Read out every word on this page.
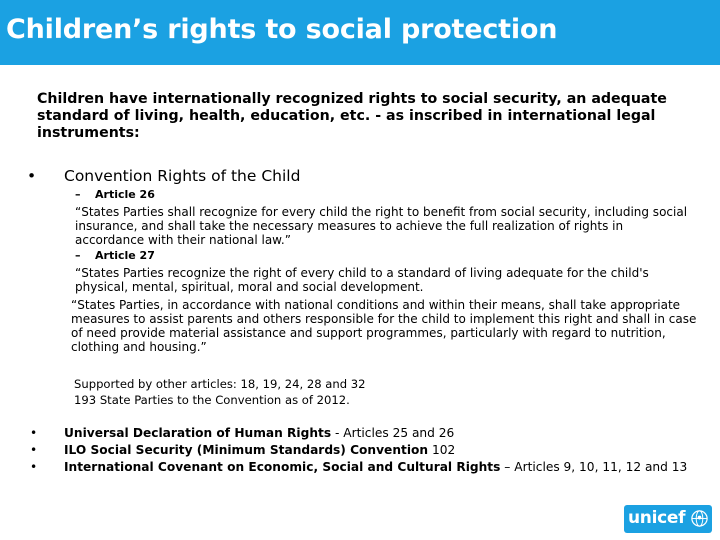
Children’s rights to social protection

Children have internationally recognized rights to social security, an adequate standard of living, health, education, etc. - as inscribed in international legal instruments:

• Convention Rights of the Child
– Article 26

“States Parties shall recognize for every child the right to benefit from social security, including social insurance, and shall take the necessary measures to achieve the full realization of rights in accordance with their national law.”

– Article 27

“States Parties recognize the right of every child to a standard of living adequate for the child's physical, mental, spiritual, moral and social development.

“States Parties, in accordance with national conditions and within their means, shall take appropriate measures to assist parents and others responsible for the child to implement this right and shall in case of need provide material assistance and support programmes, particularly with regard to nutrition, clothing and housing.”

Supported by other articles: 18, 19, 24, 28 and 32
193 State Parties to the Convention as of 2012.
• Universal Declaration of Human Rights - Articles 25 and 26
• ILO Social Security (Minimum Standards) Convention 102
• International Covenant on Economic, Social and Cultural Rights – Articles 9, 10, 11, 12 and 13
unicef
